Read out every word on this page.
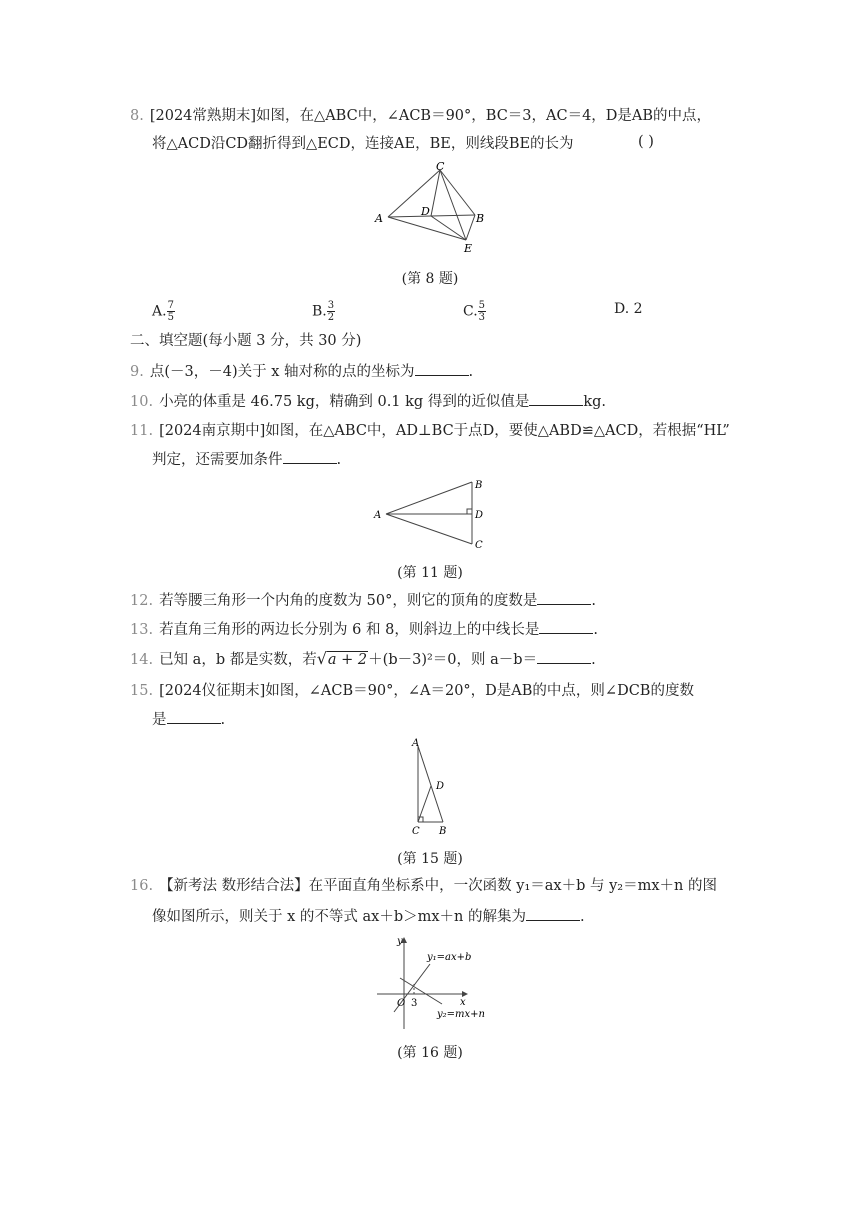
8. [2024常熟期末]如图，在△ABC中，∠ACB＝90°，BC＝3，AC＝4，D是AB的中点，
将△ACD沿CD翻折得到△ECD，连接AE，BE，则线段BE的长为	( )
A	B
C
D
E
(第 8 题)
A. $\frac{7}{5}$	B. $\frac{3}{2}$	C. $\frac{5}{3}$	D. 2
二、填空题(每小题 3 分，共 30 分)
9. 点(－3，－4)关于 x 轴对称的点的坐标为	.
10. 小亮的体重是 46.75 kg，精确到 0.1 kg 得到的近似值是	kg.
11. [2024南京期中]如图，在△ABC中，AD⊥BC于点D，要使△ABD≌△ACD，若根据“HL”
判定，还需要加条件	.
A
B
C
D
(第 11 题)
12. 若等腰三角形一个内角的度数为 50°，则它的顶角的度数是	.
13. 若直角三角形的两边长分别为 6 和 8，则斜边上的中线长是	.
14. 已知 a，b 都是实数，若√a + 2＋(b－3)²＝0，则 a－b＝	.
15. [2024仪征期末]如图，∠ACB＝90°，∠A＝20°，D是AB的中点，则∠DCB的度数
是	.
A
B
C
D
(第 15 题)
16. 【新考法 数形结合法】在平面直角坐标系中，一次函数 y₁＝ax＋b 与 y₂＝mx＋n 的图
像如图所示，则关于 x 的不等式 ax＋b＞mx＋n 的解集为	.
y
x
O 3
y₁=ax+b
y₂=mx+n
(第 16 题)
